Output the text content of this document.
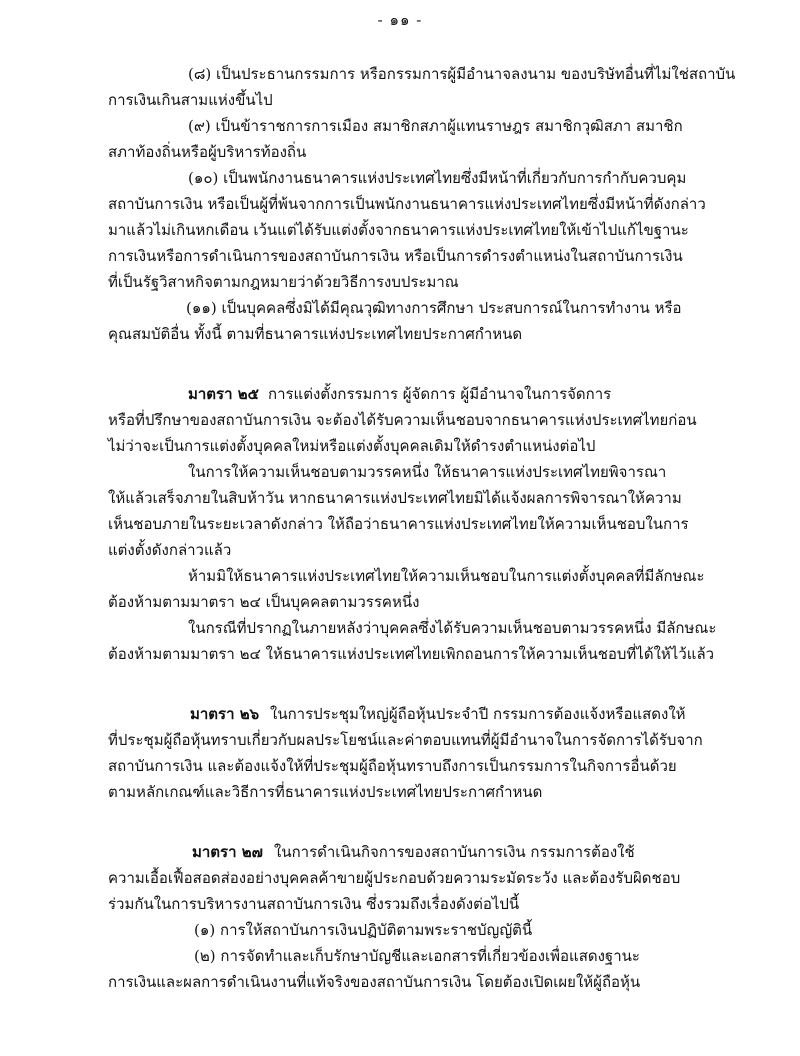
- ๑๑ -
(๘) เป็นประธานกรรมการ หรือกรรมการผู้มีอำนาจลงนาม ของบริษัทอื่นที่ไม่ใช่สถาบัน
การเงินเกินสามแห่งขึ้นไป
(๙) เป็นข้าราชการการเมือง สมาชิกสภาผู้แทนราษฎร สมาชิกวุฒิสภา สมาชิก
สภาท้องถิ่นหรือผู้บริหารท้องถิ่น
(๑๐) เป็นพนักงานธนาคารแห่งประเทศไทยซึ่งมีหน้าที่เกี่ยวกับการกำกับควบคุม
สถาบันการเงิน หรือเป็นผู้ที่พ้นจากการเป็นพนักงานธนาคารแห่งประเทศไทยซึ่งมีหน้าที่ดังกล่าว
มาแล้วไม่เกินหกเดือน เว้นแต่ได้รับแต่งตั้งจากธนาคารแห่งประเทศไทยให้เข้าไปแก้ไขฐานะ
การเงินหรือการดำเนินการของสถาบันการเงิน หรือเป็นการดำรงตำแหน่งในสถาบันการเงิน
ที่เป็นรัฐวิสาหกิจตามกฎหมายว่าด้วยวิธีการงบประมาณ
(๑๑) เป็นบุคคลซึ่งมิได้มีคุณวุฒิทางการศึกษา ประสบการณ์ในการทำงาน หรือ
คุณสมบัติอื่น ทั้งนี้ ตามที่ธนาคารแห่งประเทศไทยประกาศกำหนด
มาตรา ๒๕ การแต่งตั้งกรรมการ ผู้จัดการ ผู้มีอำนาจในการจัดการ
หรือที่ปรึกษาของสถาบันการเงิน จะต้องได้รับความเห็นชอบจากธนาคารแห่งประเทศไทยก่อน
ไม่ว่าจะเป็นการแต่งตั้งบุคคลใหม่หรือแต่งตั้งบุคคลเดิมให้ดำรงตำแหน่งต่อไป
ในการให้ความเห็นชอบตามวรรคหนึ่ง ให้ธนาคารแห่งประเทศไทยพิจารณา
ให้แล้วเสร็จภายในสิบห้าวัน หากธนาคารแห่งประเทศไทยมิได้แจ้งผลการพิจารณาให้ความ
เห็นชอบภายในระยะเวลาดังกล่าว ให้ถือว่าธนาคารแห่งประเทศไทยให้ความเห็นชอบในการ
แต่งตั้งดังกล่าวแล้ว
ห้ามมิให้ธนาคารแห่งประเทศไทยให้ความเห็นชอบในการแต่งตั้งบุคคลที่มีลักษณะ
ต้องห้ามตามมาตรา ๒๔ เป็นบุคคลตามวรรคหนึ่ง
ในกรณีที่ปรากฏในภายหลังว่าบุคคลซึ่งได้รับความเห็นชอบตามวรรคหนึ่ง มีลักษณะ
ต้องห้ามตามมาตรา ๒๔ ให้ธนาคารแห่งประเทศไทยเพิกถอนการให้ความเห็นชอบที่ได้ให้ไว้แล้ว
มาตรา ๒๖ ในการประชุมใหญ่ผู้ถือหุ้นประจำปี กรรมการต้องแจ้งหรือแสดงให้
ที่ประชุมผู้ถือหุ้นทราบเกี่ยวกับผลประโยชน์และค่าตอบแทนที่ผู้มีอำนาจในการจัดการได้รับจาก
สถาบันการเงิน และต้องแจ้งให้ที่ประชุมผู้ถือหุ้นทราบถึงการเป็นกรรมการในกิจการอื่นด้วย
ตามหลักเกณฑ์และวิธีการที่ธนาคารแห่งประเทศไทยประกาศกำหนด
มาตรา ๒๗ ในการดำเนินกิจการของสถาบันการเงิน กรรมการต้องใช้
ความเอื้อเฟื้อสอดส่องอย่างบุคคลค้าขายผู้ประกอบด้วยความระมัดระวัง และต้องรับผิดชอบ
ร่วมกันในการบริหารงานสถาบันการเงิน ซึ่งรวมถึงเรื่องดังต่อไปนี้
(๑) การให้สถาบันการเงินปฏิบัติตามพระราชบัญญัตินี้
(๒) การจัดทำและเก็บรักษาบัญชีและเอกสารที่เกี่ยวข้องเพื่อแสดงฐานะ
การเงินและผลการดำเนินงานที่แท้จริงของสถาบันการเงิน โดยต้องเปิดเผยให้ผู้ถือหุ้น
